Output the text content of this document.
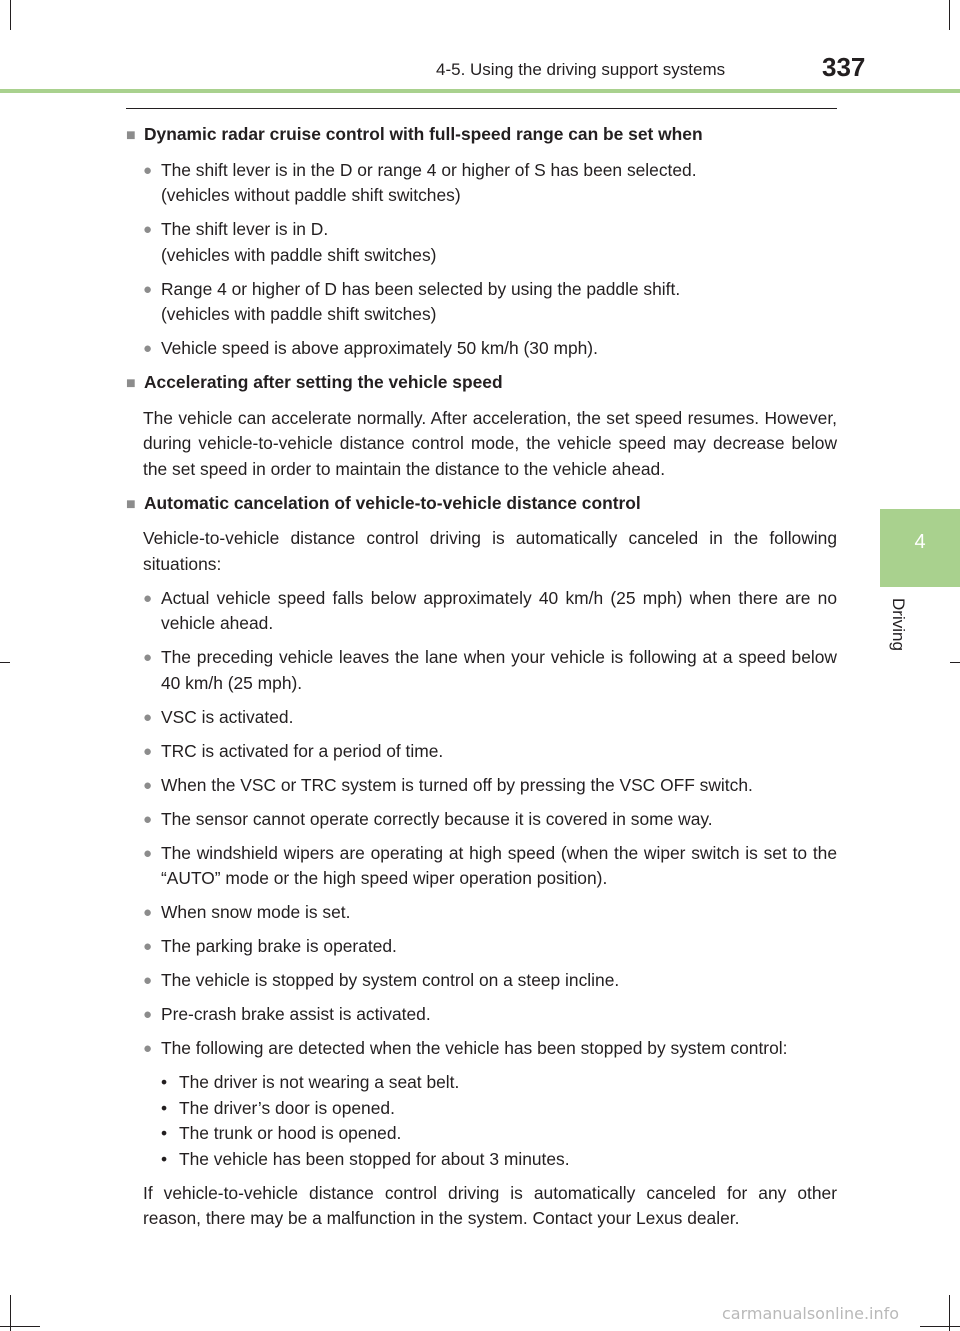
4-5. Using the driving support systems	337
4
Driving
■ Dynamic radar cruise control with full-speed range can be set when
● The shift lever is in the D or range 4 or higher of S has been selected.
(vehicles without paddle shift switches)
● The shift lever is in D.
(vehicles with paddle shift switches)
● Range 4 or higher of D has been selected by using the paddle shift.
(vehicles with paddle shift switches)
● Vehicle speed is above approximately 50 km/h (30 mph).
■ Accelerating after setting the vehicle speed
The vehicle can accelerate normally. After acceleration, the set speed resumes. However, during vehicle-to-vehicle distance control mode, the vehicle speed may decrease below the set speed in order to maintain the distance to the vehicle ahead.
■ Automatic cancelation of vehicle-to-vehicle distance control
Vehicle-to-vehicle distance control driving is automatically canceled in the following situations:
● Actual vehicle speed falls below approximately 40 km/h (25 mph) when there are no vehicle ahead.
● The preceding vehicle leaves the lane when your vehicle is following at a speed below 40 km/h (25 mph).
● VSC is activated.
● TRC is activated for a period of time.
● When the VSC or TRC system is turned off by pressing the VSC OFF switch.
● The sensor cannot operate correctly because it is covered in some way.
● The windshield wipers are operating at high speed (when the wiper switch is set to the “AUTO” mode or the high speed wiper operation position).
● When snow mode is set.
● The parking brake is operated.
● The vehicle is stopped by system control on a steep incline.
● Pre-crash brake assist is activated.
● The following are detected when the vehicle has been stopped by system control:
• The driver is not wearing a seat belt.
• The driver’s door is opened.
• The trunk or hood is opened.
• The vehicle has been stopped for about 3 minutes.
If vehicle-to-vehicle distance control driving is automatically canceled for any other reason, there may be a malfunction in the system. Contact your Lexus dealer.
carmanualsonline.info
